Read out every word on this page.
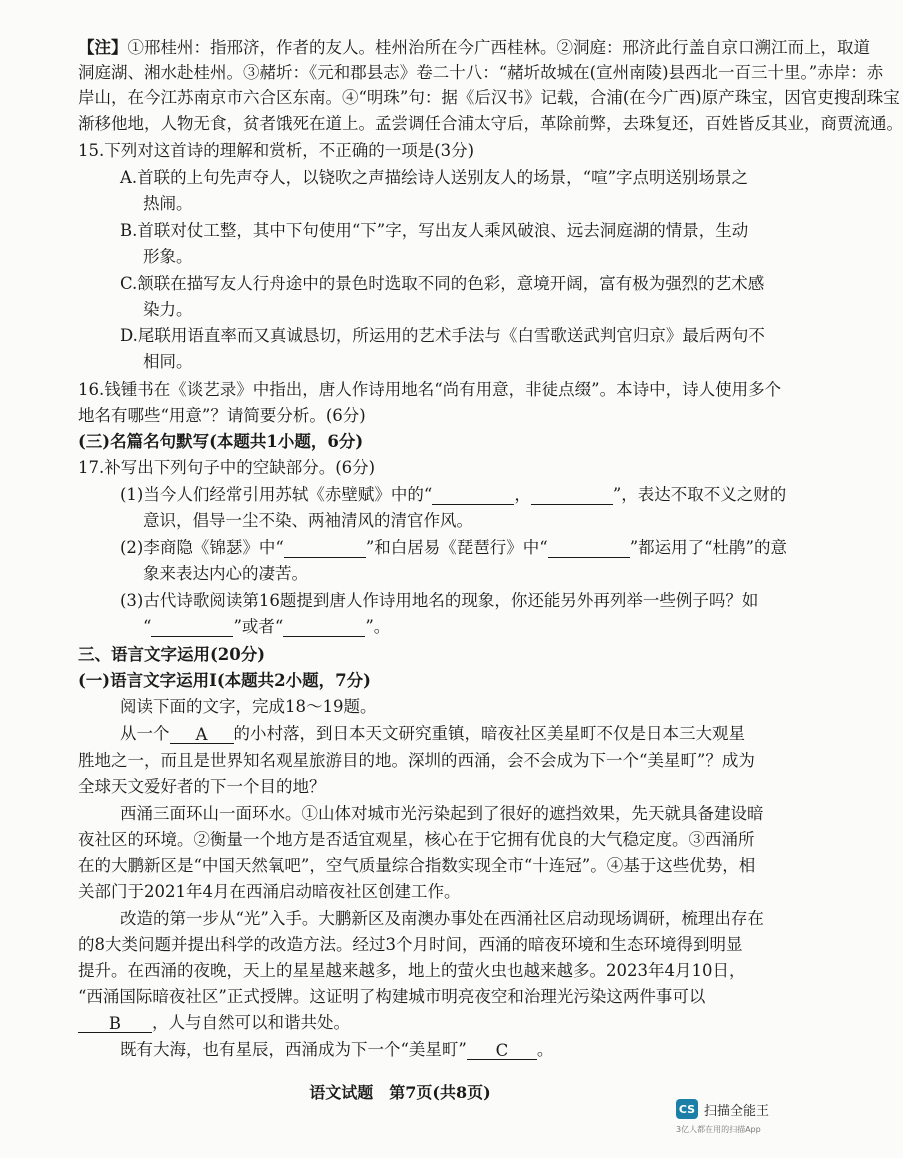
【注】①邢桂州：指邢济，作者的友人。桂州治所在今广西桂林。②洞庭：邢济此行盖自京口溯江而上，取道
洞庭湖、湘水赴桂州。③赭圻：《元和郡县志》卷二十八：“赭圻故城在(宣州南陵)县西北一百三十里。”赤岸：赤
岸山，在今江苏南京市六合区东南。④“明珠”句：据《后汉书》记载，合浦(在今广西)原产珠宝，因官吏搜刮珠宝
渐移他地，人物无食，贫者饿死在道上。孟尝调任合浦太守后，革除前弊，去珠复还，百姓皆反其业，商贾流通。
15.下列对这首诗的理解和赏析，不正确的一项是(3分)
A.首联的上句先声夺人，以铙吹之声描绘诗人送别友人的场景，“喧”字点明送别场景之
热闹。
B.首联对仗工整，其中下句使用“下”字，写出友人乘风破浪、远去洞庭湖的情景，生动
形象。
C.颔联在描写友人行舟途中的景色时选取不同的色彩，意境开阔，富有极为强烈的艺术感
染力。
D.尾联用语直率而又真诚恳切，所运用的艺术手法与《白雪歌送武判官归京》最后两句不
相同。
16.钱锺书在《谈艺录》中指出，唐人作诗用地名“尚有用意，非徒点缀”。本诗中，诗人使用多个
地名有哪些“用意”？请简要分析。(6分)
(三)名篇名句默写(本题共1小题，6分)
17.补写出下列句子中的空缺部分。(6分)
(1)当今人们经常引用苏轼《赤壁赋》中的“	，	”，表达不取不义之财的
意识，倡导一尘不染、两袖清风的清官作风。
(2)李商隐《锦瑟》中“	”和白居易《琵琶行》中“	”都运用了“杜鹃”的意
象来表达内心的凄苦。
(3)古代诗歌阅读第16题提到唐人作诗用地名的现象，你还能另外再列举一些例子吗？如
“	”或者“	”。
三、语言文字运用(20分)
(一)语言文字运用Ⅰ(本题共2小题，7分)
阅读下面的文字，完成18～19题。
从一个 A 的小村落，到日本天文研究重镇，暗夜社区美星町不仅是日本三大观星
胜地之一，而且是世界知名观星旅游目的地。深圳的西涌，会不会成为下一个“美星町”？成为
全球天文爱好者的下一个目的地？
西涌三面环山一面环水。①山体对城市光污染起到了很好的遮挡效果，先天就具备建设暗
夜社区的环境。②衡量一个地方是否适宜观星，核心在于它拥有优良的大气稳定度。③西涌所
在的大鹏新区是“中国天然氧吧”，空气质量综合指数实现全市“十连冠”。④基于这些优势，相
关部门于2021年4月在西涌启动暗夜社区创建工作。
改造的第一步从“光”入手。大鹏新区及南澳办事处在西涌社区启动现场调研，梳理出存在
的8大类问题并提出科学的改造方法。经过3个月时间，西涌的暗夜环境和生态环境得到明显
提升。在西涌的夜晚，天上的星星越来越多，地上的萤火虫也越来越多。2023年4月10日，
“西涌国际暗夜社区”正式授牌。这证明了构建城市明亮夜空和治理光污染这两件事可以
B ，人与自然可以和谐共处。
既有大海，也有星辰，西涌成为下一个“美星町” C 。
语文试题　第7页(共8页)
CS 扫描全能王
3亿人都在用的扫描App
